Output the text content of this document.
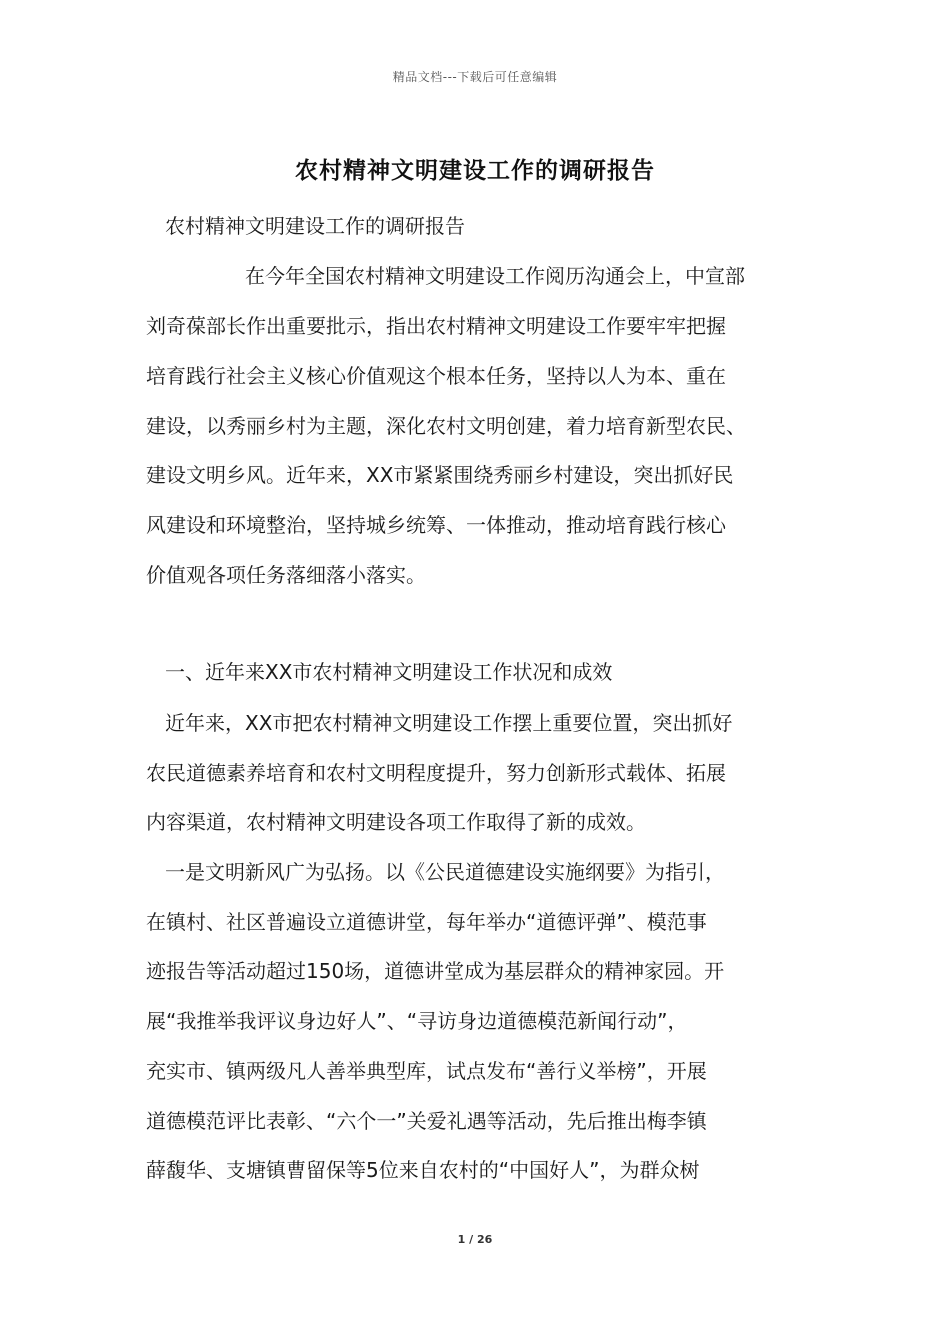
精品文档---下载后可任意编辑
农村精神文明建设工作的调研报告
农村精神文明建设工作的调研报告
在今年全国农村精神文明建设工作阅历沟通会上，中宣部
刘奇葆部长作出重要批示，指出农村精神文明建设工作要牢牢把握
培育践行社会主义核心价值观这个根本任务，坚持以人为本、重在
建设，以秀丽乡村为主题，深化农村文明创建，着力培育新型农民、
建设文明乡风。近年来，XX市紧紧围绕秀丽乡村建设，突出抓好民
风建设和环境整治，坚持城乡统筹、一体推动，推动培育践行核心
价值观各项任务落细落小落实。
一、近年来XX市农村精神文明建设工作状况和成效
近年来，XX市把农村精神文明建设工作摆上重要位置，突出抓好
农民道德素养培育和农村文明程度提升，努力创新形式载体、拓展
内容渠道，农村精神文明建设各项工作取得了新的成效。
一是文明新风广为弘扬。以《公民道德建设实施纲要》为指引，
在镇村、社区普遍设立道德讲堂，每年举办“道德评弹”、模范事
迹报告等活动超过150场，道德讲堂成为基层群众的精神家园。开
展“我推举我评议身边好人”、“寻访身边道德模范新闻行动”，
充实市、镇两级凡人善举典型库，试点发布“善行义举榜”，开展
道德模范评比表彰、“六个一”关爱礼遇等活动，先后推出梅李镇
薛馥华、支塘镇曹留保等5位来自农村的“中国好人”，为群众树
1 / 26
